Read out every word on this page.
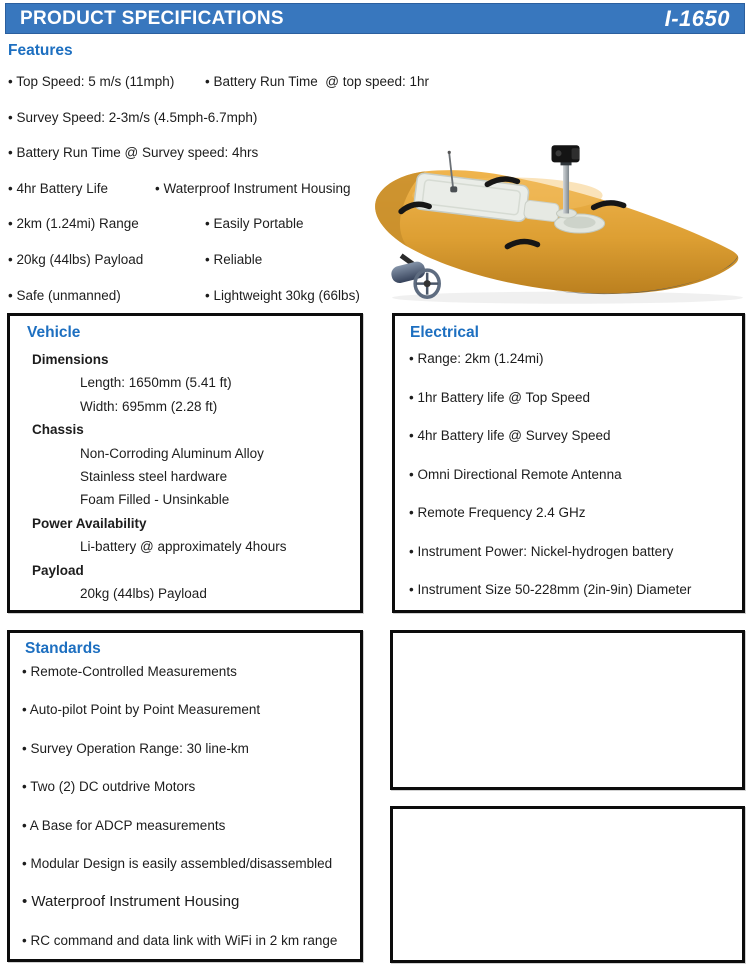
PRODUCT SPECIFICATIONS	I-1650
Features
• Top Speed: 5 m/s (11mph) • Battery Run Time  @ top speed: 1hr
• Survey Speed: 2-3m/s (4.5mph-6.7mph)
• Battery Run Time @ Survey speed: 4hrs
• 4hr Battery Life	• Waterproof Instrument Housing
• 2km (1.24mi) Range	• Easily Portable
• 20kg (44lbs) Payload	• Reliable
• Safe (unmanned)	• Lightweight 30kg (66lbs)
Vehicle
Dimensions
Length: 1650mm (5.41 ft)
Width: 695mm (2.28 ft)
Chassis
Non-Corroding Aluminum Alloy
Stainless steel hardware
Foam Filled - Unsinkable
Power Availability
Li-battery @ approximately 4hours
Payload
20kg (44lbs) Payload
Electrical
• Range: 2km (1.24mi)
• 1hr Battery life @ Top Speed
• 4hr Battery life @ Survey Speed
• Omni Directional Remote Antenna
• Remote Frequency 2.4 GHz
• Instrument Power: Nickel-hydrogen battery
• Instrument Size 50-228mm (2in-9in) Diameter
Standards
• Remote-Controlled Measurements
• Auto-pilot Point by Point Measurement
• Survey Operation Range: 30 line-km
• Two (2) DC outdrive Motors
• A Base for ADCP measurements
• Modular Design is easily assembled/disassembled
• Waterproof Instrument Housing
• RC command and data link with WiFi in 2 km range
